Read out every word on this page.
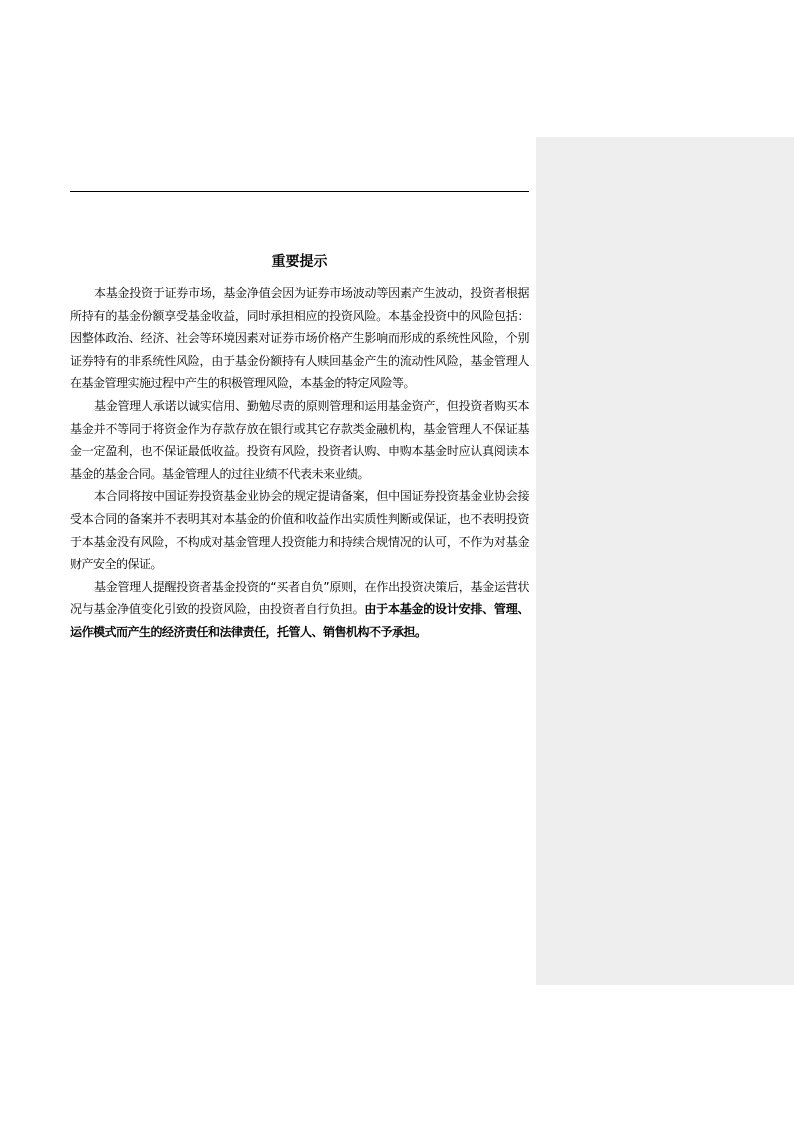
重要提示

本基金投资于证券市场，基金净值会因为证券市场波动等因素产生波动，投资者根据所持有的基金份额享受基金收益，同时承担相应的投资风险。本基金投资中的风险包括：因整体政治、经济、社会等环境因素对证券市场价格产生影响而形成的系统性风险，个别证券特有的非系统性风险，由于基金份额持有人赎回基金产生的流动性风险，基金管理人在基金管理实施过程中产生的积极管理风险，本基金的特定风险等。

基金管理人承诺以诚实信用、勤勉尽责的原则管理和运用基金资产，但投资者购买本基金并不等同于将资金作为存款存放在银行或其它存款类金融机构，基金管理人不保证基金一定盈利，也不保证最低收益。投资有风险，投资者认购、申购本基金时应认真阅读本基金的基金合同。基金管理人的过往业绩不代表未来业绩。

本合同将按中国证券投资基金业协会的规定提请备案，但中国证券投资基金业协会接受本合同的备案并不表明其对本基金的价值和收益作出实质性判断或保证，也不表明投资于本基金没有风险，不构成对基金管理人投资能力和持续合规情况的认可，不作为对基金财产安全的保证。

基金管理人提醒投资者基金投资的“买者自负”原则，在作出投资决策后，基金运营状况与基金净值变化引致的投资风险，由投资者自行负担。由于本基金的设计安排、管理、运作模式而产生的经济责任和法律责任，托管人、销售机构不予承担。
